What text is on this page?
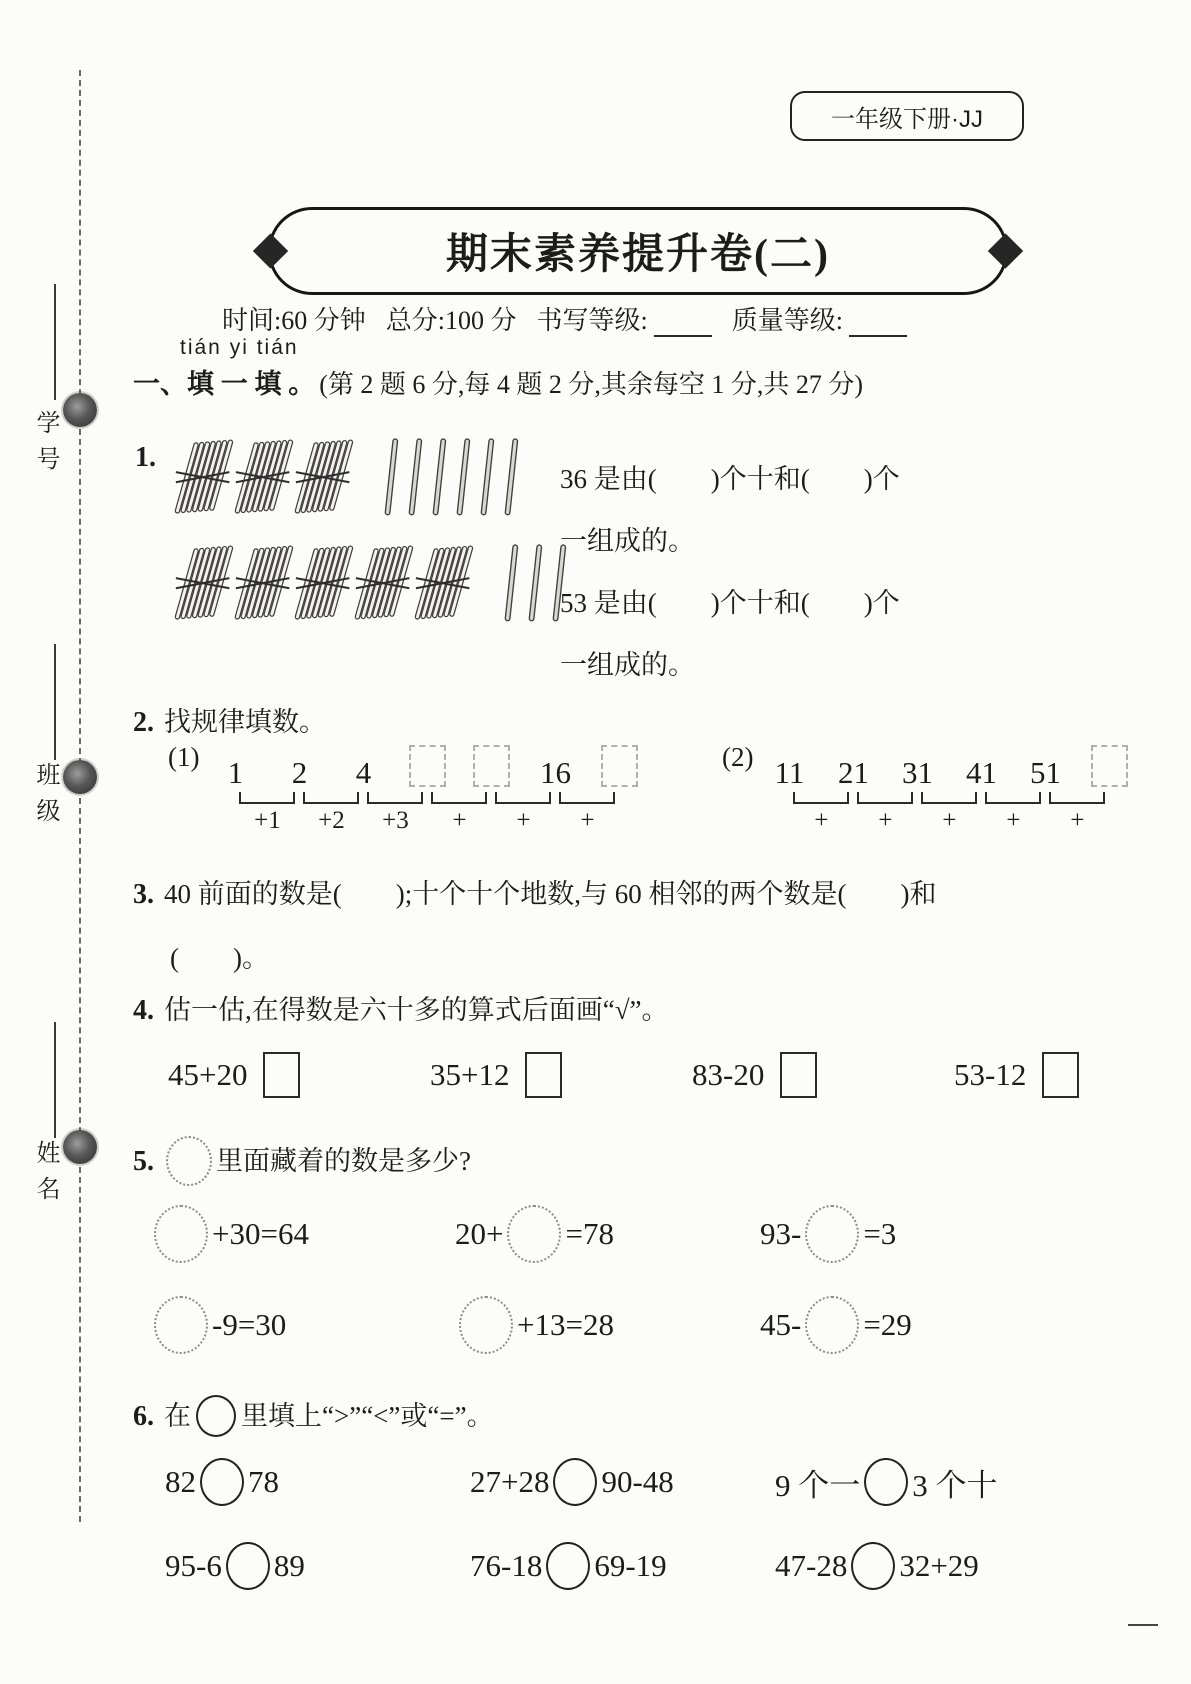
学号
班级
姓名
一年级下册·JJ
期末素养提升卷(二)
时间:60 分钟 总分:100 分 书写等级:	质量等级:
tián yi tián
一、填 一 填 。 (第 2 题 6 分,每 4 题 2 分,其余每空 1 分,共 27 分)
1.
36 是由(　　)个十和(　　)个
一组成的。
53 是由(　　)个十和(　　)个
一组成的。
2. 找规律填数。
(1) 1	2	4	16
+1	+2	+3	+	+	+
(2) 11	21	31	41	51
+	+	+	+	+
3. 40 前面的数是(　　);十个十个地数,与 60 相邻的两个数是(　　)和
(　　)。
4. 估一估,在得数是六十多的算式后面画“√”。
45+20	35+12	83-20	53-12
5. 里面藏着的数是多少?
+30=64	20+ =78	93- =3
-9=30	+13=28	45- =29
6. 在 里填上“>”“<”或“=”。
82 78	27+28 90-48	9 个一 3 个十
95-6 89	76-18 69-19	47-28 32+29
